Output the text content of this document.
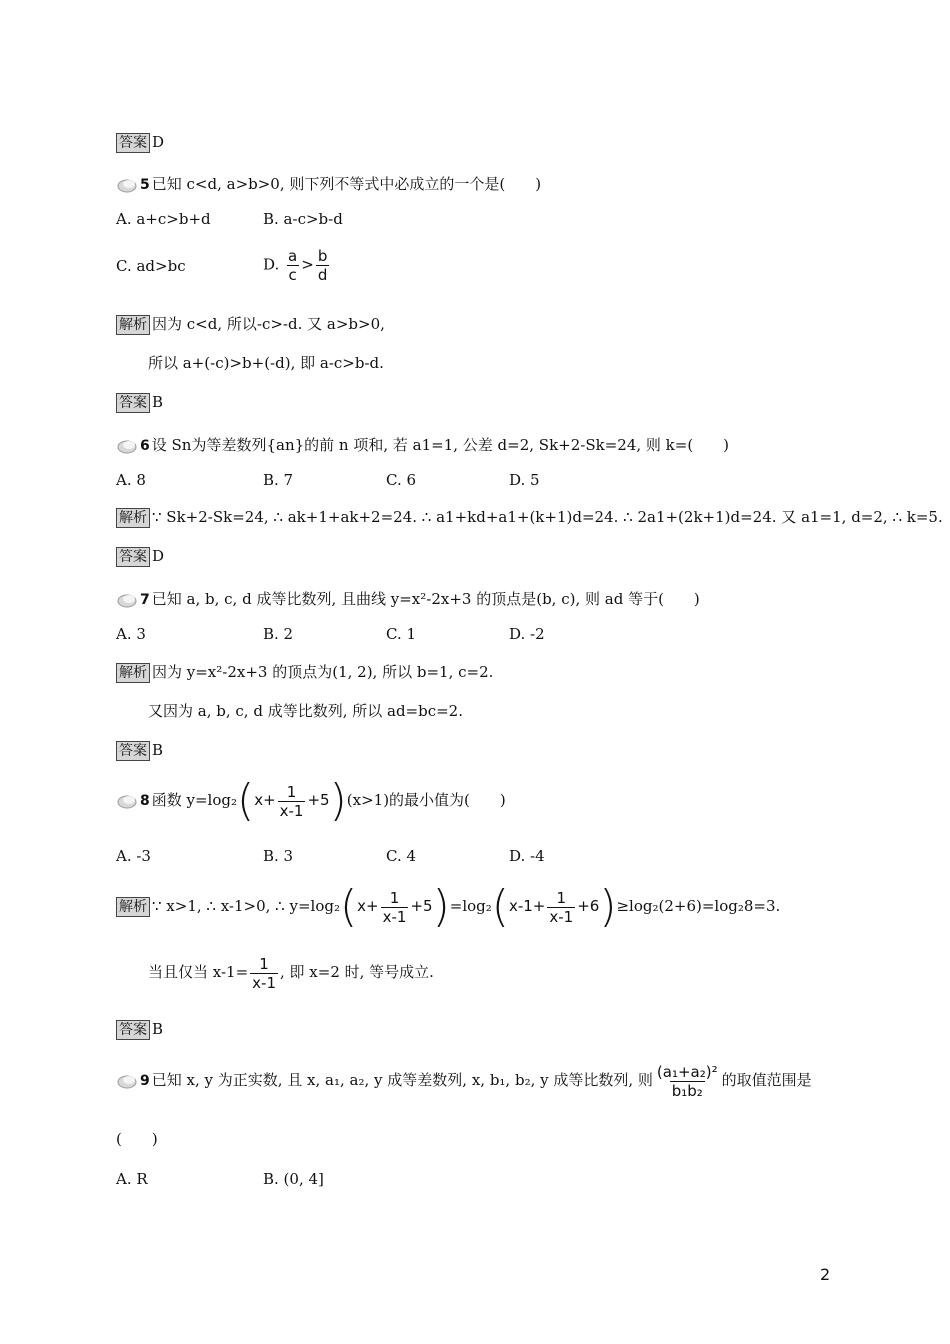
答案 D
5 已知 c<d, a>b>0, 则下列不等式中必成立的一个是(　　)
A. a+c>b+d	B. a-c>b-d
C. ad>bc	D. $\frac{a}{c} > \frac{b}{d}$
解析 因为 c<d, 所以-c>-d. 又 a>b>0,
所以 a+(-c)>b+(-d), 即 a-c>b-d.
答案 B
6 设 Sn为等差数列{an}的前 n 项和, 若 a1=1, 公差 d=2, Sk+2-Sk=24, 则 k=(　　)
A. 8	B. 7	C. 6	D. 5
解析 ∵ Sk+2-Sk=24, ∴ ak+1+ak+2=24. ∴ a1+kd+a1+(k+1)d=24. ∴ 2a1+(2k+1)d=24. 又 a1=1, d=2, ∴ k=5.
答案 D
7 已知 a, b, c, d 成等比数列, 且曲线 y=x²-2x+3 的顶点是(b, c), 则 ad 等于(　　)
A. 3	B. 2	C. 1	D. -2
解析 因为 y=x²-2x+3 的顶点为(1, 2), 所以 b=1, c=2.
又因为 a, b, c, d 成等比数列, 所以 ad=bc=2.
答案 B
8 函数 $y=\log_2(x+ \frac{1}{x-1} +5)(x>1)$的最小值为(　　)
A. -3	B. 3	C. 4	D. -4
解析 ∵ x>1, ∴ x-1>0, ∴ $y=\log_2(x+ \frac{1}{x-1} +5)=\log_2(x-1+ \frac{1}{x-1} +6)\ge\log_2(2+6)=\log_28=3$.
当且仅当 $x-1= \frac{1}{x-1}$ , 即 x=2 时, 等号成立.
答案 B
9 已知 x, y 为正实数, 且 x, a₁, a₂, y 成等差数列, x, b₁, b₂, y 成等比数列, 则 $\frac{\text{(a₁+a₂)²}}{\text{b₁b₂}}$ 的取值范围是
(　　)
A. R	B. (0, 4]
2
